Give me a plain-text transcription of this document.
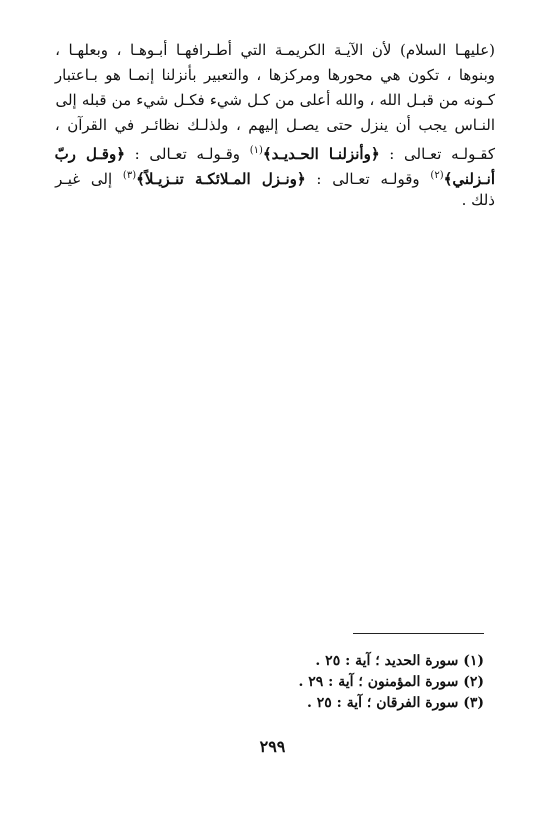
(عليهـا السلام) لأن الآيـة الكريمـة التي أطـرافهـا أبـوهـا ، وبعلهـا ،
وبنوها ، تكون هي محورها ومركزها ، والتعبير بأنزلنا إنمـا هو بـاعتبار
كـونه من قبـل الله ، والله أعلى من كـل شيء فكـل شيء من قبله إلى
النـاس يجب أن ينزل حتى يصـل إليهم ، ولذلـك نظائـر في القرآن ،
كقـولـه تعـالى : ﴿وأنزلنـا الحـديـد﴾$^{(١)}$ وقـولـه تعـالى : ﴿وقـل ربّ
أنـزلني﴾$^{(٢)}$ وقولـه تعـالى : ﴿ونـزل المـلائكـة تنـزيـلاً﴾$^{(٣)}$ إلى غيـر
ذلك .
(١) سورة الحديد ؛ آية : ٢٥ .
(٢) سورة المؤمنون ؛ آية : ٢٩ .
(٣) سورة الفرقان ؛ آية : ٢٥ .
٢٩٩
